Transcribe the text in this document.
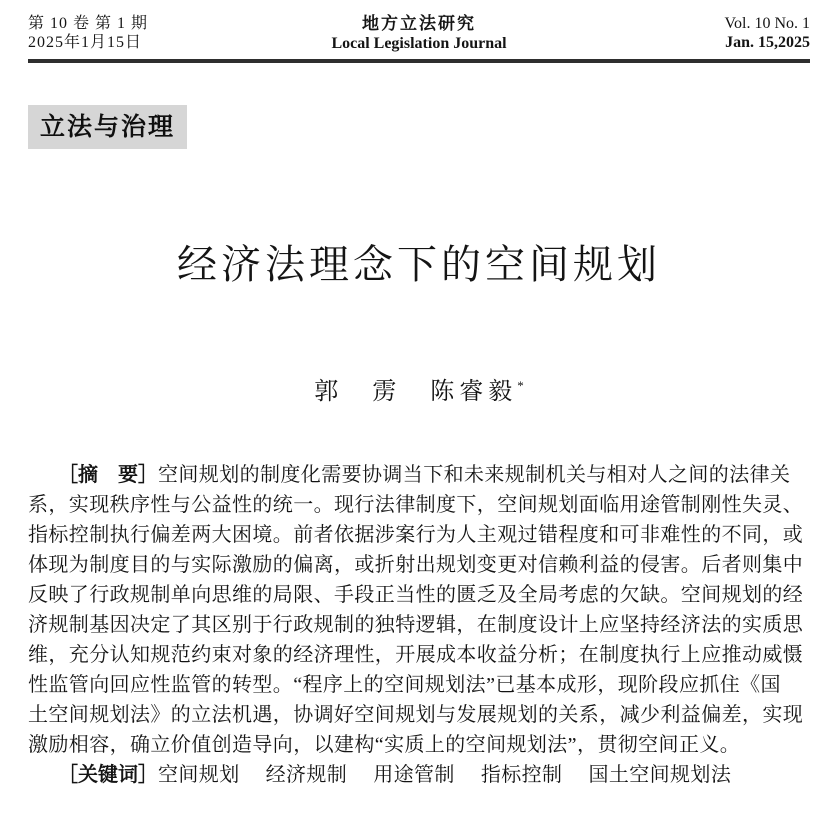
第 10 卷 第 1 期
2025年1月15日
地方立法研究
Local Legislation Journal
Vol. 10 No. 1
Jan. 15,2025
立法与治理
经济法理念下的空间规划
郭　雳　陈睿毅*
［摘　要］空间规划的制度化需要协调当下和未来规制机关与相对人之间的法律关
系，实现秩序性与公益性的统一。现行法律制度下，空间规划面临用途管制刚性失灵、
指标控制执行偏差两大困境。前者依据涉案行为人主观过错程度和可非难性的不同，或
体现为制度目的与实际激励的偏离，或折射出规划变更对信赖利益的侵害。后者则集中
反映了行政规制单向思维的局限、手段正当性的匮乏及全局考虑的欠缺。空间规划的经
济规制基因决定了其区别于行政规制的独特逻辑，在制度设计上应坚持经济法的实质思
维，充分认知规范约束对象的经济理性，开展成本收益分析；在制度执行上应推动威慑
性监管向回应性监管的转型。“程序上的空间规划法”已基本成形，现阶段应抓住《国
土空间规划法》的立法机遇，协调好空间规划与发展规划的关系，减少利益偏差，实现
激励相容，确立价值创造导向，以建构“实质上的空间规划法”，贯彻空间正义。
［关键词］空间规划 经济规制 用途管制 指标控制 国土空间规划法
